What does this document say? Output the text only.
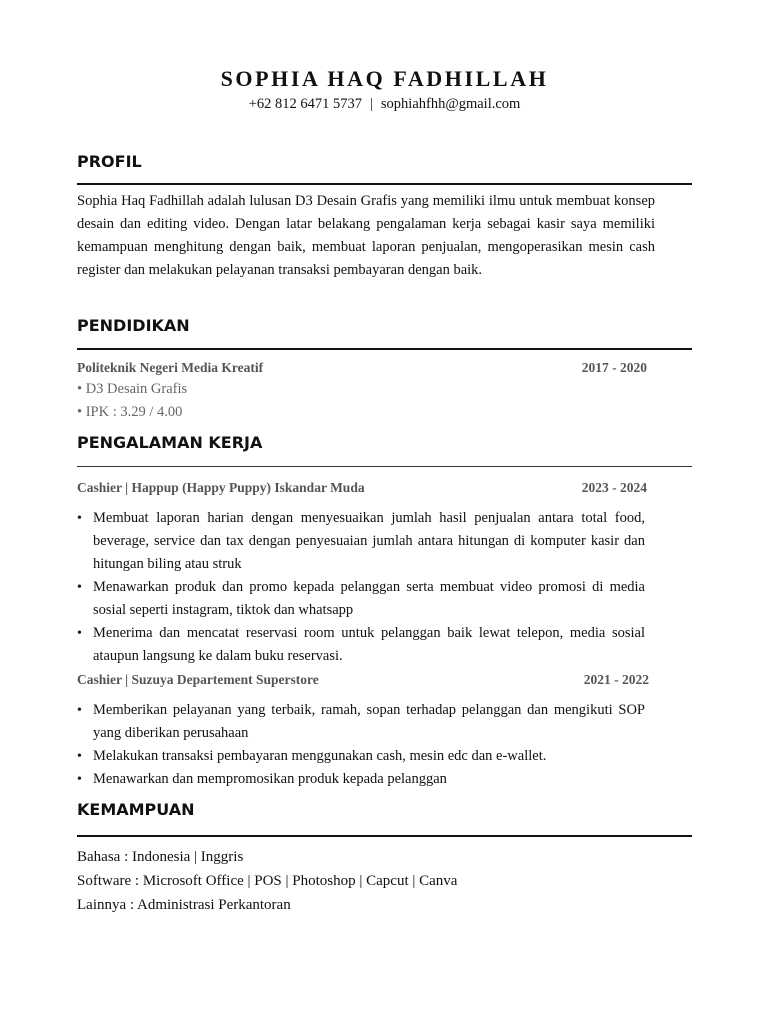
SOPHIA HAQ FADHILLAH
+62 812 6471 5737 | sophiahfhh@gmail.com
PROFIL
Sophia Haq Fadhillah adalah lulusan D3 Desain Grafis yang memiliki ilmu untuk membuat konsep desain dan editing video. Dengan latar belakang pengalaman kerja sebagai kasir saya memiliki kemampuan menghitung dengan baik, membuat laporan penjualan, mengoperasikan mesin cash register dan melakukan pelayanan transaksi pembayaran dengan baik.
PENDIDIKAN
Politeknik Negeri Media Kreatif	2017 - 2020
• D3 Desain Grafis
• IPK : 3.29 / 4.00
PENGALAMAN KERJA
Cashier | Happup (Happy Puppy) Iskandar Muda	2023 - 2024
• Membuat laporan harian dengan menyesuaikan jumlah hasil penjualan antara total food, beverage, service dan tax dengan penyesuaian jumlah antara hitungan di komputer kasir dan hitungan biling atau struk
• Menawarkan produk dan promo kepada pelanggan serta membuat video promosi di media sosial seperti instagram, tiktok dan whatsapp
• Menerima dan mencatat reservasi room untuk pelanggan baik lewat telepon, media sosial ataupun langsung ke dalam buku reservasi.
Cashier | Suzuya Departement Superstore	2021 - 2022
• Memberikan pelayanan yang terbaik, ramah, sopan terhadap pelanggan dan mengikuti SOP yang diberikan perusahaan
• Melakukan transaksi pembayaran menggunakan cash, mesin edc dan e-wallet.
• Menawarkan dan mempromosikan produk kepada pelanggan
KEMAMPUAN
Bahasa : Indonesia | Inggris
Software : Microsoft Office | POS | Photoshop | Capcut | Canva
Lainnya : Administrasi Perkantoran
